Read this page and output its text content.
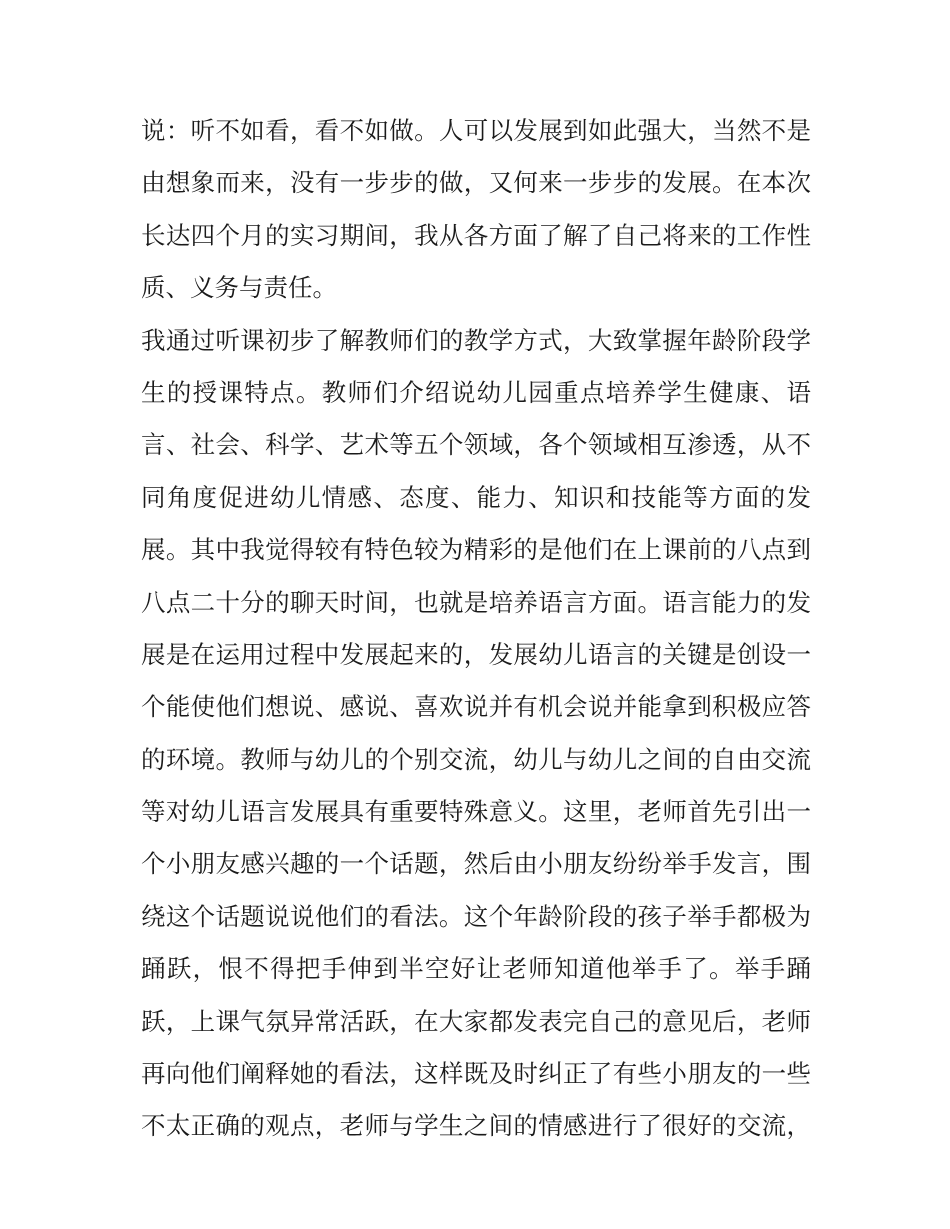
说：听不如看，看不如做。人可以发展到如此强大，当然不是
由想象而来，没有一步步的做，又何来一步步的发展。在本次
长达四个月的实习期间，我从各方面了解了自己将来的工作性
质、义务与责任。
我通过听课初步了解教师们的教学方式，大致掌握年龄阶段学
生的授课特点。教师们介绍说幼儿园重点培养学生健康、语
言、社会、科学、艺术等五个领域，各个领域相互渗透，从不
同角度促进幼儿情感、态度、能力、知识和技能等方面的发
展。其中我觉得较有特色较为精彩的是他们在上课前的八点到
八点二十分的聊天时间，也就是培养语言方面。语言能力的发
展是在运用过程中发展起来的，发展幼儿语言的关键是创设一
个能使他们想说、感说、喜欢说并有机会说并能拿到积极应答
的环境。教师与幼儿的个别交流，幼儿与幼儿之间的自由交流
等对幼儿语言发展具有重要特殊意义。这里，老师首先引出一
个小朋友感兴趣的一个话题，然后由小朋友纷纷举手发言，围
绕这个话题说说他们的看法。这个年龄阶段的孩子举手都极为
踊跃，恨不得把手伸到半空好让老师知道他举手了。举手踊
跃，上课气氛异常活跃，在大家都发表完自己的意见后，老师
再向他们阐释她的看法，这样既及时纠正了有些小朋友的一些
不太正确的观点，老师与学生之间的情感进行了很好的交流，
